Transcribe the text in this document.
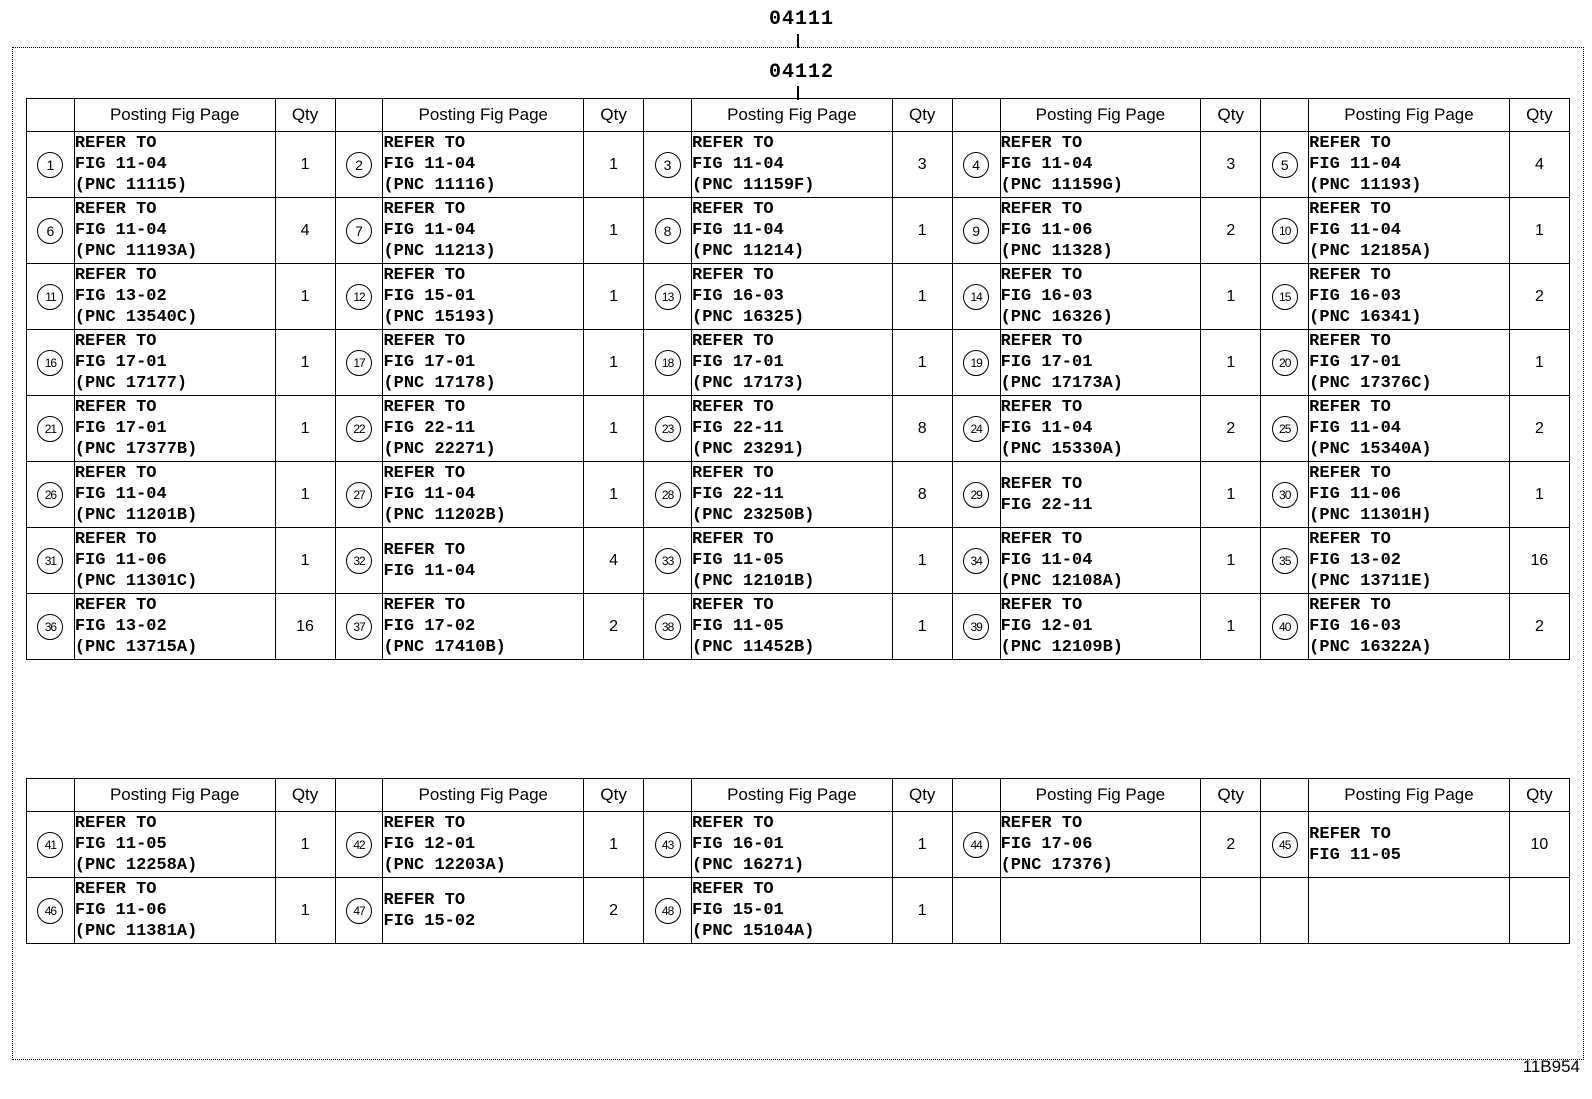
04111
04112
	Posting Fig Page	Qty		Posting Fig Page	Qty		Posting Fig Page	Qty		Posting Fig Page	Qty		Posting Fig Page	Qty
1	REFER TO
FIG 11-04
(PNC 11115)	1	2	REFER TO
FIG 11-04
(PNC 11116)	1	3	REFER TO
FIG 11-04
(PNC 11159F)	3	4	REFER TO
FIG 11-04
(PNC 11159G)	3	5	REFER TO
FIG 11-04
(PNC 11193)	4
6	REFER TO
FIG 11-04
(PNC 11193A)	4	7	REFER TO
FIG 11-04
(PNC 11213)	1	8	REFER TO
FIG 11-04
(PNC 11214)	1	9	REFER TO
FIG 11-06
(PNC 11328)	2	10	REFER TO
FIG 11-04
(PNC 12185A)	1
11	REFER TO
FIG 13-02
(PNC 13540C)	1	12	REFER TO
FIG 15-01
(PNC 15193)	1	13	REFER TO
FIG 16-03
(PNC 16325)	1	14	REFER TO
FIG 16-03
(PNC 16326)	1	15	REFER TO
FIG 16-03
(PNC 16341)	2
16	REFER TO
FIG 17-01
(PNC 17177)	1	17	REFER TO
FIG 17-01
(PNC 17178)	1	18	REFER TO
FIG 17-01
(PNC 17173)	1	19	REFER TO
FIG 17-01
(PNC 17173A)	1	20	REFER TO
FIG 17-01
(PNC 17376C)	1
21	REFER TO
FIG 17-01
(PNC 17377B)	1	22	REFER TO
FIG 22-11
(PNC 22271)	1	23	REFER TO
FIG 22-11
(PNC 23291)	8	24	REFER TO
FIG 11-04
(PNC 15330A)	2	25	REFER TO
FIG 11-04
(PNC 15340A)	2
26	REFER TO
FIG 11-04
(PNC 11201B)	1	27	REFER TO
FIG 11-04
(PNC 11202B)	1	28	REFER TO
FIG 22-11
(PNC 23250B)	8	29	REFER TO
FIG 22-11	1	30	REFER TO
FIG 11-06
(PNC 11301H)	1
31	REFER TO
FIG 11-06
(PNC 11301C)	1	32	REFER TO
FIG 11-04	4	33	REFER TO
FIG 11-05
(PNC 12101B)	1	34	REFER TO
FIG 11-04
(PNC 12108A)	1	35	REFER TO
FIG 13-02
(PNC 13711E)	16
36	REFER TO
FIG 13-02
(PNC 13715A)	16	37	REFER TO
FIG 17-02
(PNC 17410B)	2	38	REFER TO
FIG 11-05
(PNC 11452B)	1	39	REFER TO
FIG 12-01
(PNC 12109B)	1	40	REFER TO
FIG 16-03
(PNC 16322A)	2
	Posting Fig Page	Qty		Posting Fig Page	Qty		Posting Fig Page	Qty		Posting Fig Page	Qty		Posting Fig Page	Qty
41	REFER TO
FIG 11-05
(PNC 12258A)	1	42	REFER TO
FIG 12-01
(PNC 12203A)	1	43	REFER TO
FIG 16-01
(PNC 16271)	1	44	REFER TO
FIG 17-06
(PNC 17376)	2	45	REFER TO
FIG 11-05	10
46	REFER TO
FIG 11-06
(PNC 11381A)	1	47	REFER TO
FIG 15-02	2	48	REFER TO
FIG 15-01
(PNC 15104A)	1						
11B954
